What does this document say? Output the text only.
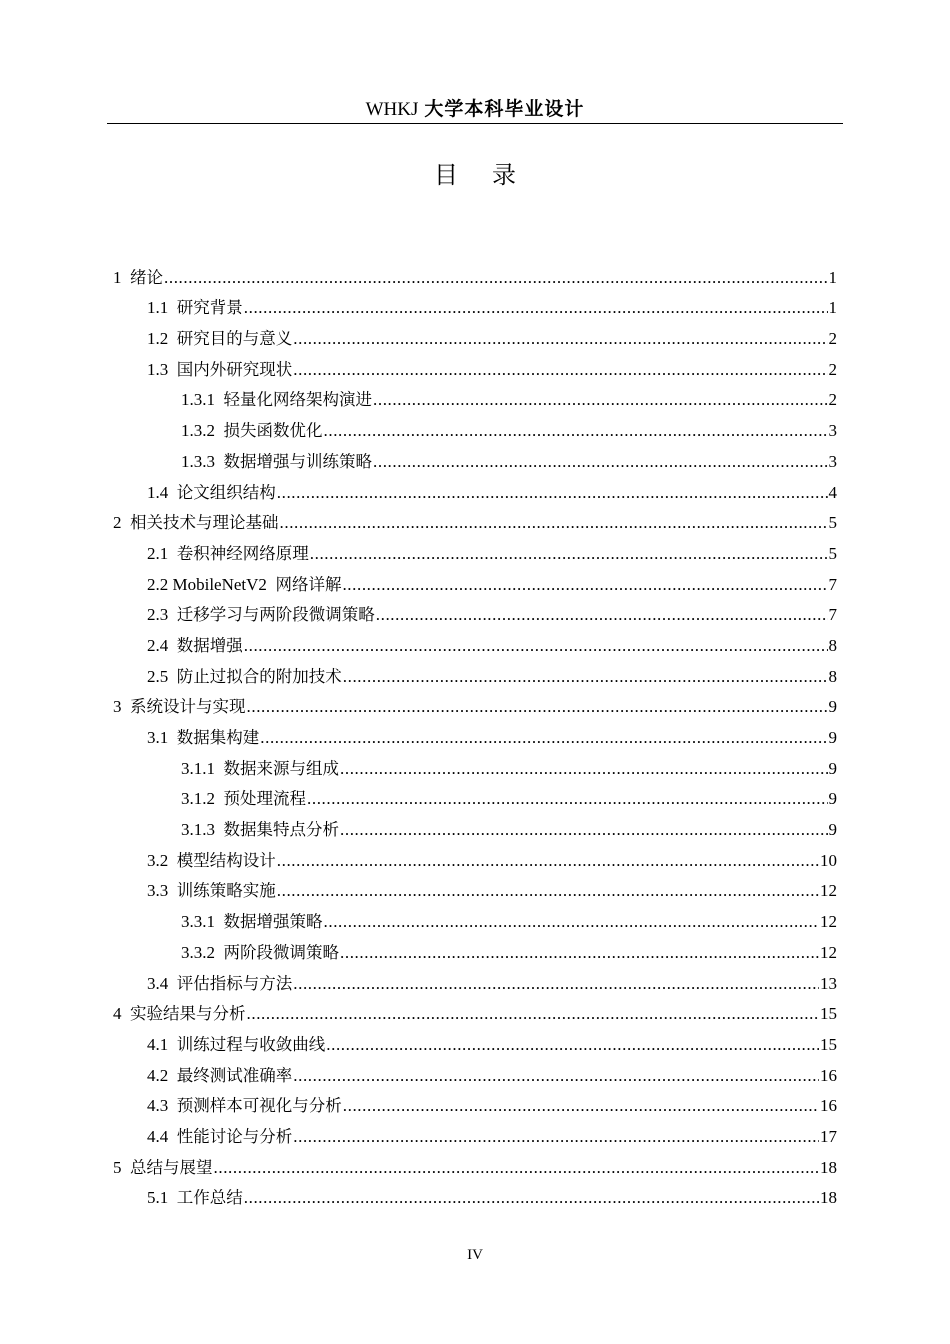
WHKJ 大学本科毕业设计
目 录
1 绪论 .....	1
1.1 研究背景 .....	1
1.2 研究目的与意义 .....	2
1.3 国内外研究现状 .....	2
1.3.1 轻量化网络架构演进 .....	2
1.3.2 损失函数优化 .....	3
1.3.3 数据增强与训练策略 .....	3
1.4 论文组织结构 .....	4
2 相关技术与理论基础 .....	5
2.1 卷积神经网络原理 .....	5
2.2 MobileNetV2 网络详解 .....	7
2.3 迁移学习与两阶段微调策略 .....	7
2.4 数据增强 .....	8
2.5 防止过拟合的附加技术 .....	8
3 系统设计与实现 .....	9
3.1 数据集构建 .....	9
3.1.1 数据来源与组成 .....	9
3.1.2 预处理流程 .....	9
3.1.3 数据集特点分析 .....	9
3.2 模型结构设计 .....	10
3.3 训练策略实施 .....	12
3.3.1 数据增强策略 .....	12
3.3.2 两阶段微调策略 .....	12
3.4 评估指标与方法 .....	13
4 实验结果与分析 .....	15
4.1 训练过程与收敛曲线 .....	15
4.2 最终测试准确率 .....	16
4.3 预测样本可视化与分析 .....	16
4.4 性能讨论与分析 .....	17
5 总结与展望 .....	18
5.1 工作总结 .....	18
IV
